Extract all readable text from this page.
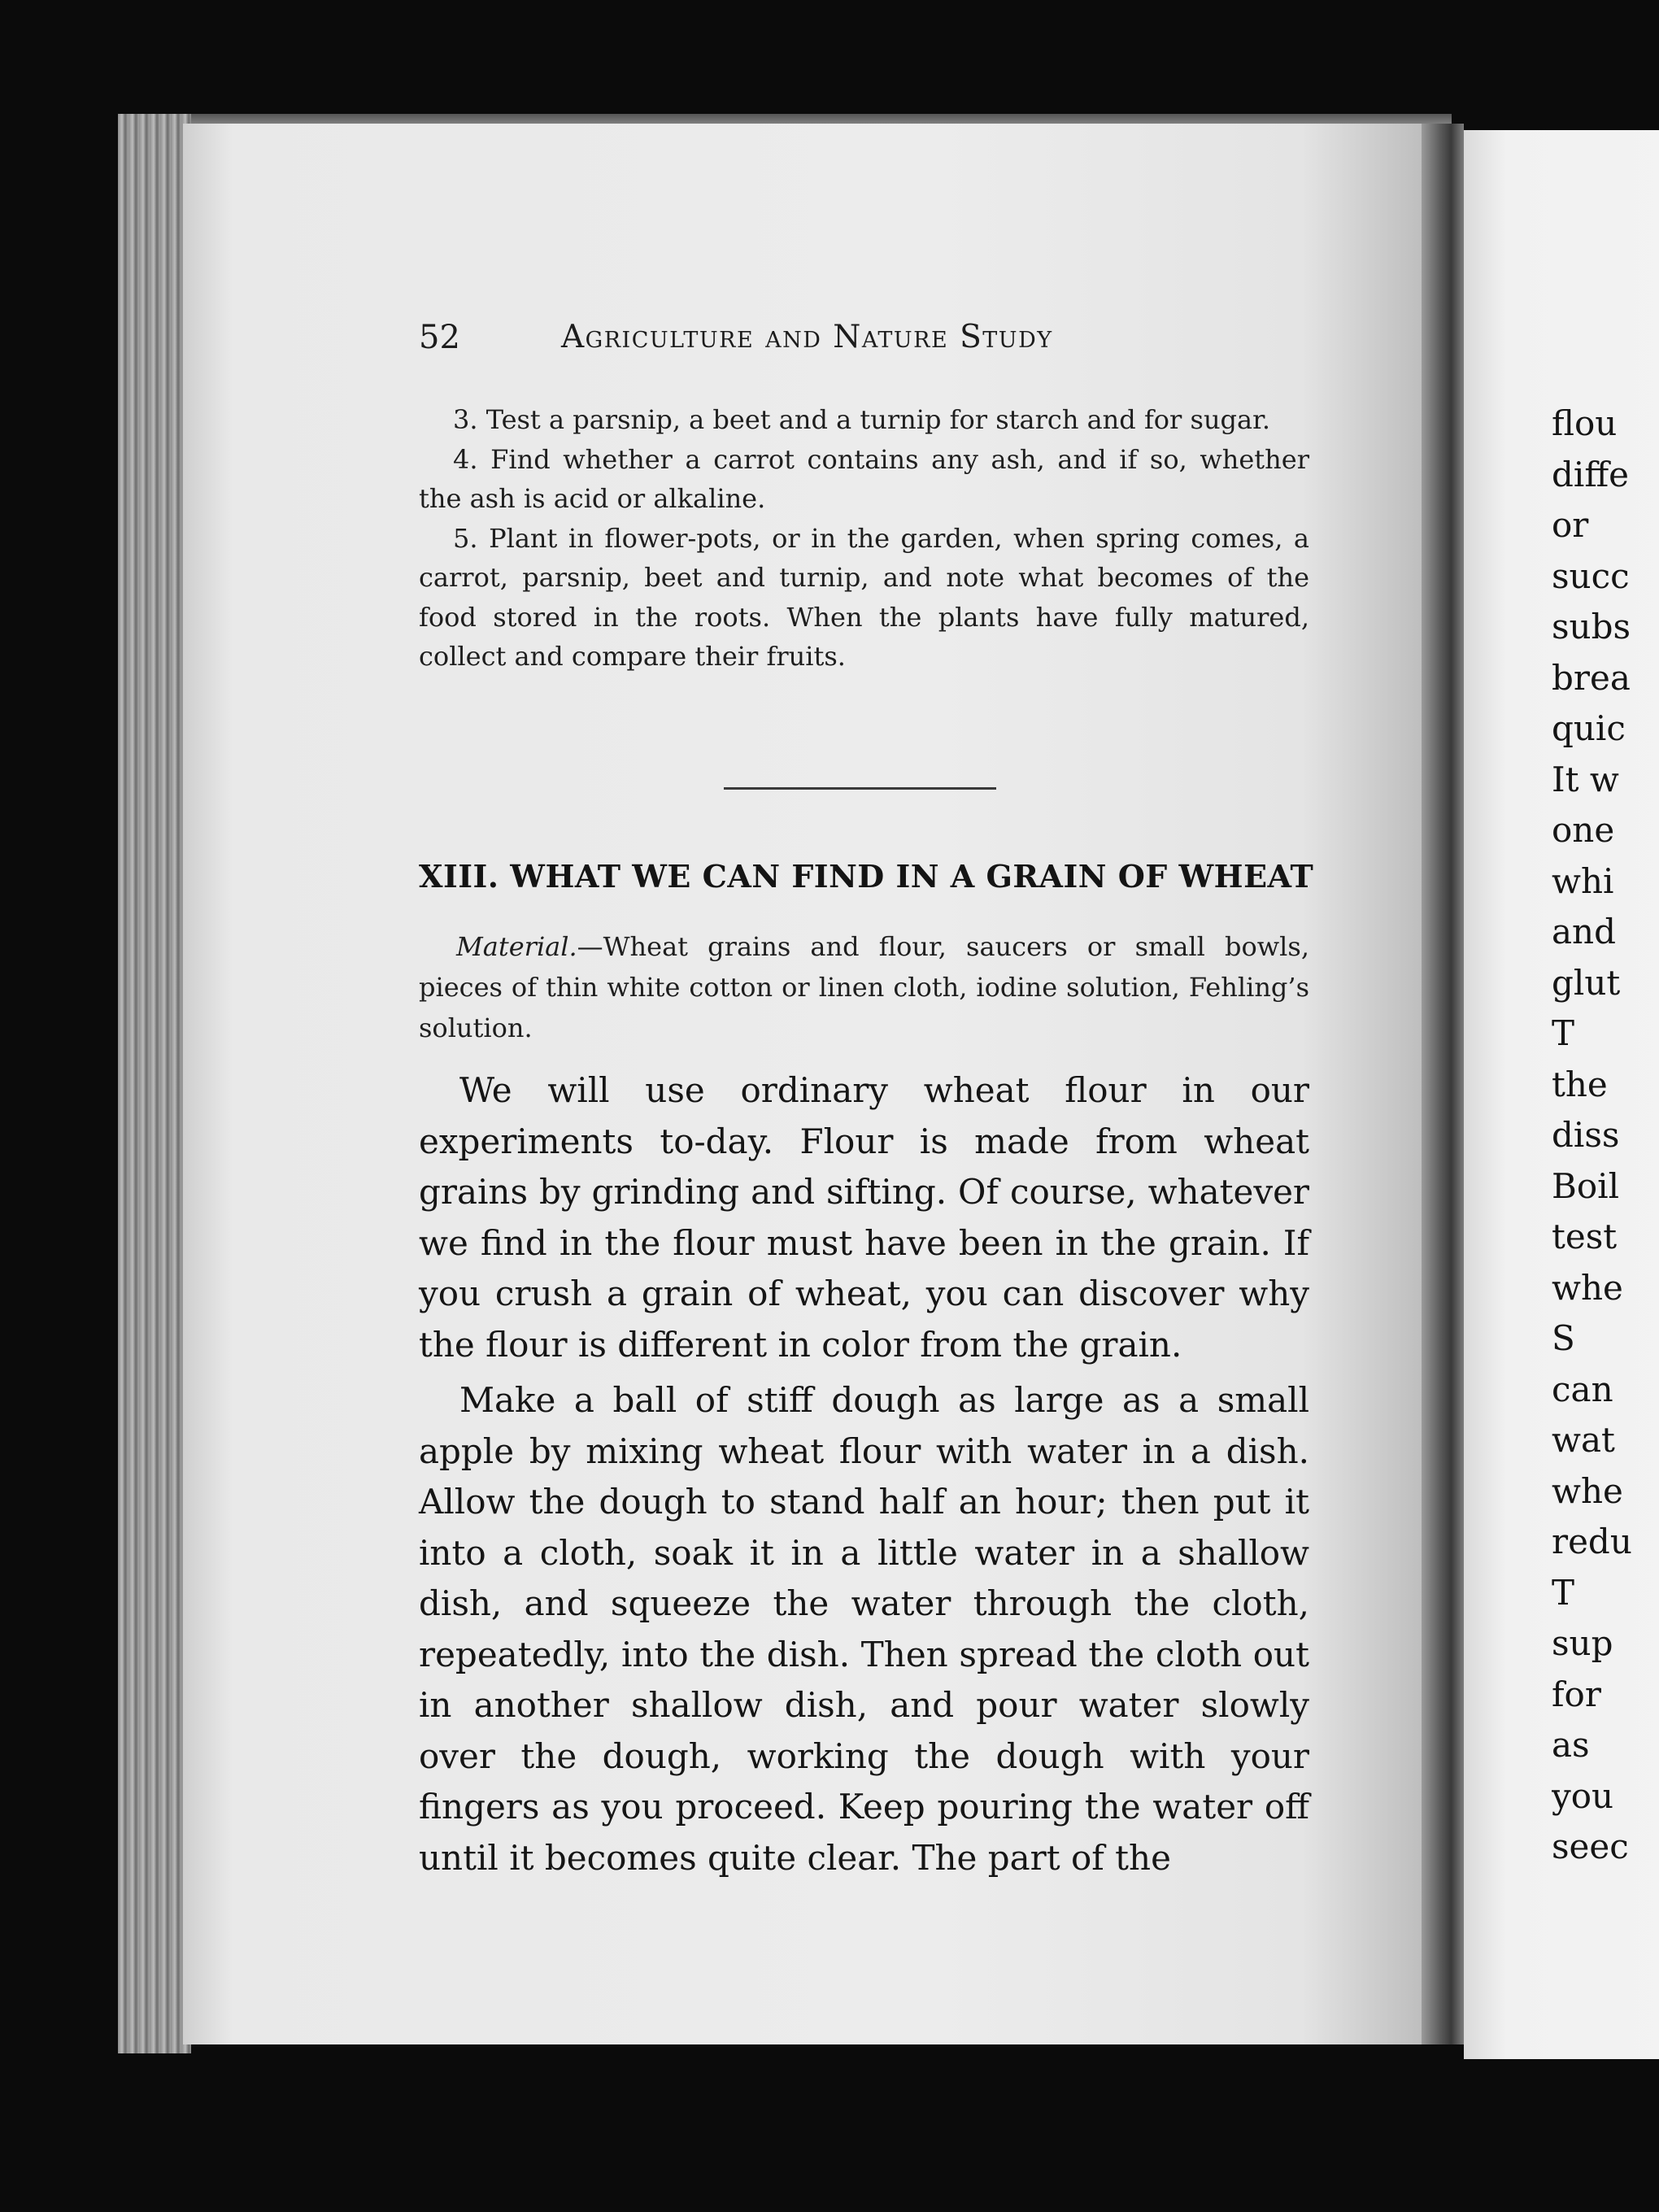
52	Agriculture and Nature Study

3. Test a parsnip, a beet and a turnip for starch and for sugar.

4. Find whether a carrot contains any ash, and if so, whether the ash is acid or alkaline.

5. Plant in flower-pots, or in the garden, when spring comes, a carrot, parsnip, beet and turnip, and note what becomes of the food stored in the roots. When the plants have fully matured, collect and compare their fruits.

XIII. WHAT WE CAN FIND IN A GRAIN OF WHEAT

Material.—Wheat grains and flour, saucers or small bowls, pieces of thin white cotton or linen cloth, iodine solution, Fehling’s solution.

We will use ordinary wheat flour in our experiments to-day. Flour is made from wheat grains by grinding and sifting. Of course, whatever we find in the flour must have been in the grain. If you crush a grain of wheat, you can discover why the flour is different in color from the grain.

Make a ball of stiff dough as large as a small apple by mixing wheat flour with water in a dish. Allow the dough to stand half an hour; then put it into a cloth, soak it in a little water in a shallow dish, and squeeze the water through the cloth, repeatedly, into the dish. Then spread the cloth out in another shallow dish, and pour water slowly over the dough, working the dough with your fingers as you proceed. Keep pouring the water off until it becomes quite clear. The part of the

flou
diffe
or
succ
subs
brea
quic
It w
one
whi
and
glut
T
the
diss
Boil
test
whe
S
can
wat
whe
redu
T
sup
for
as
you
seec
